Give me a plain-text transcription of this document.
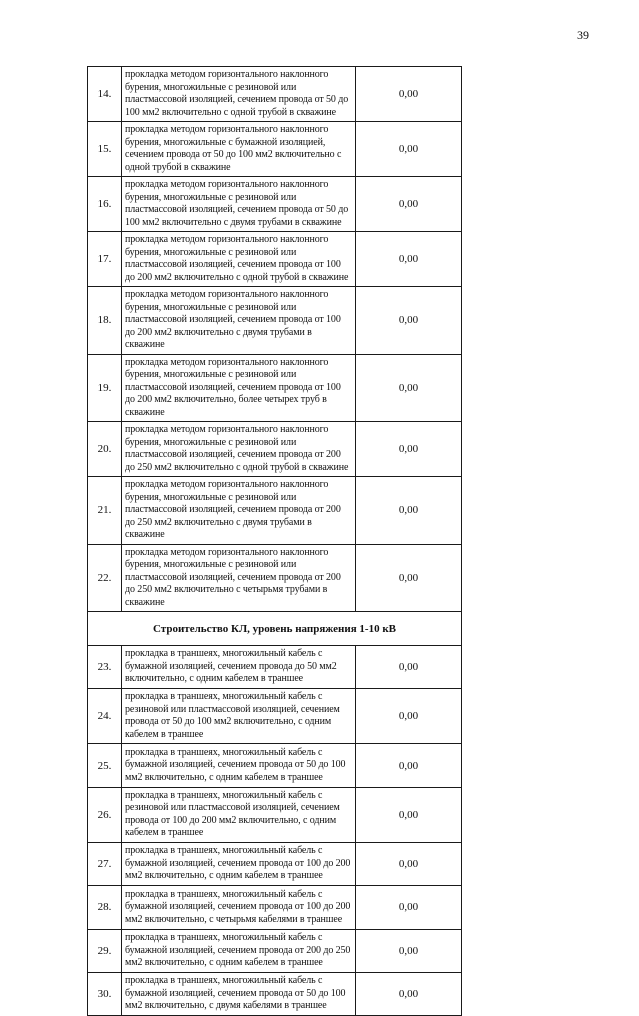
39
14.	прокладка методом горизонтального наклонного бурения, многожильные с резиновой или пластмассовой изоляцией, сечением провода от 50 до 100 мм2 включительно с одной трубой в скважине	0,00
15.	прокладка методом горизонтального наклонного бурения, многожильные с бумажной изоляцией, сечением провода от 50 до 100 мм2 включительно с одной трубой в скважине	0,00
16.	прокладка методом горизонтального наклонного бурения, многожильные с резиновой или пластмассовой изоляцией, сечением провода от 50 до 100 мм2 включительно с двумя трубами в скважине	0,00
17.	прокладка методом горизонтального наклонного бурения, многожильные с резиновой или пластмассовой изоляцией, сечением провода от 100 до 200 мм2 включительно с одной трубой в скважине	0,00
18.	прокладка методом горизонтального наклонного бурения, многожильные с резиновой или пластмассовой изоляцией, сечением провода от 100 до 200 мм2 включительно с двумя трубами в скважине	0,00
19.	прокладка методом горизонтального наклонного бурения, многожильные с резиновой или пластмассовой изоляцией, сечением провода от 100 до 200 мм2 включительно, более четырех труб в скважине	0,00
20.	прокладка методом горизонтального наклонного бурения, многожильные с резиновой или пластмассовой изоляцией, сечением провода от 200 до 250 мм2 включительно с одной трубой в скважине	0,00
21.	прокладка методом горизонтального наклонного бурения, многожильные с резиновой или пластмассовой изоляцией, сечением провода от 200 до 250 мм2 включительно с двумя трубами в скважине	0,00
22.	прокладка методом горизонтального наклонного бурения, многожильные с резиновой или пластмассовой изоляцией, сечением провода от 200 до 250 мм2 включительно с четырьмя трубами в скважине	0,00
Строительство КЛ, уровень напряжения 1-10 кВ		
23.	прокладка в траншеях, многожильный кабель с бумажной изоляцией, сечением провода до 50 мм2 включительно, с одним кабелем в траншее	0,00
24.	прокладка в траншеях, многожильный кабель с резиновой или пластмассовой изоляцией, сечением провода от 50 до 100 мм2 включительно, с одним кабелем в траншее	0,00
25.	прокладка в траншеях, многожильный кабель с бумажной изоляцией, сечением провода от 50 до 100 мм2 включительно, с одним кабелем в траншее	0,00
26.	прокладка в траншеях, многожильный кабель с резиновой или пластмассовой изоляцией, сечением провода от 100 до 200 мм2 включительно, с одним кабелем в траншее	0,00
27.	прокладка в траншеях, многожильный кабель с бумажной изоляцией, сечением провода от 100 до 200 мм2 включительно, с одним кабелем в траншее	0,00
28.	прокладка в траншеях, многожильный кабель с бумажной изоляцией, сечением провода от 100 до 200 мм2 включительно, с четырьмя кабелями в траншее	0,00
29.	прокладка в траншеях, многожильный кабель с бумажной изоляцией, сечением провода от 200 до 250 мм2 включительно, с одним кабелем в траншее	0,00
30.	прокладка в траншеях, многожильный кабель с бумажной изоляцией, сечением провода от 50 до 100 мм2 включительно, с двумя кабелями в траншее	0,00
